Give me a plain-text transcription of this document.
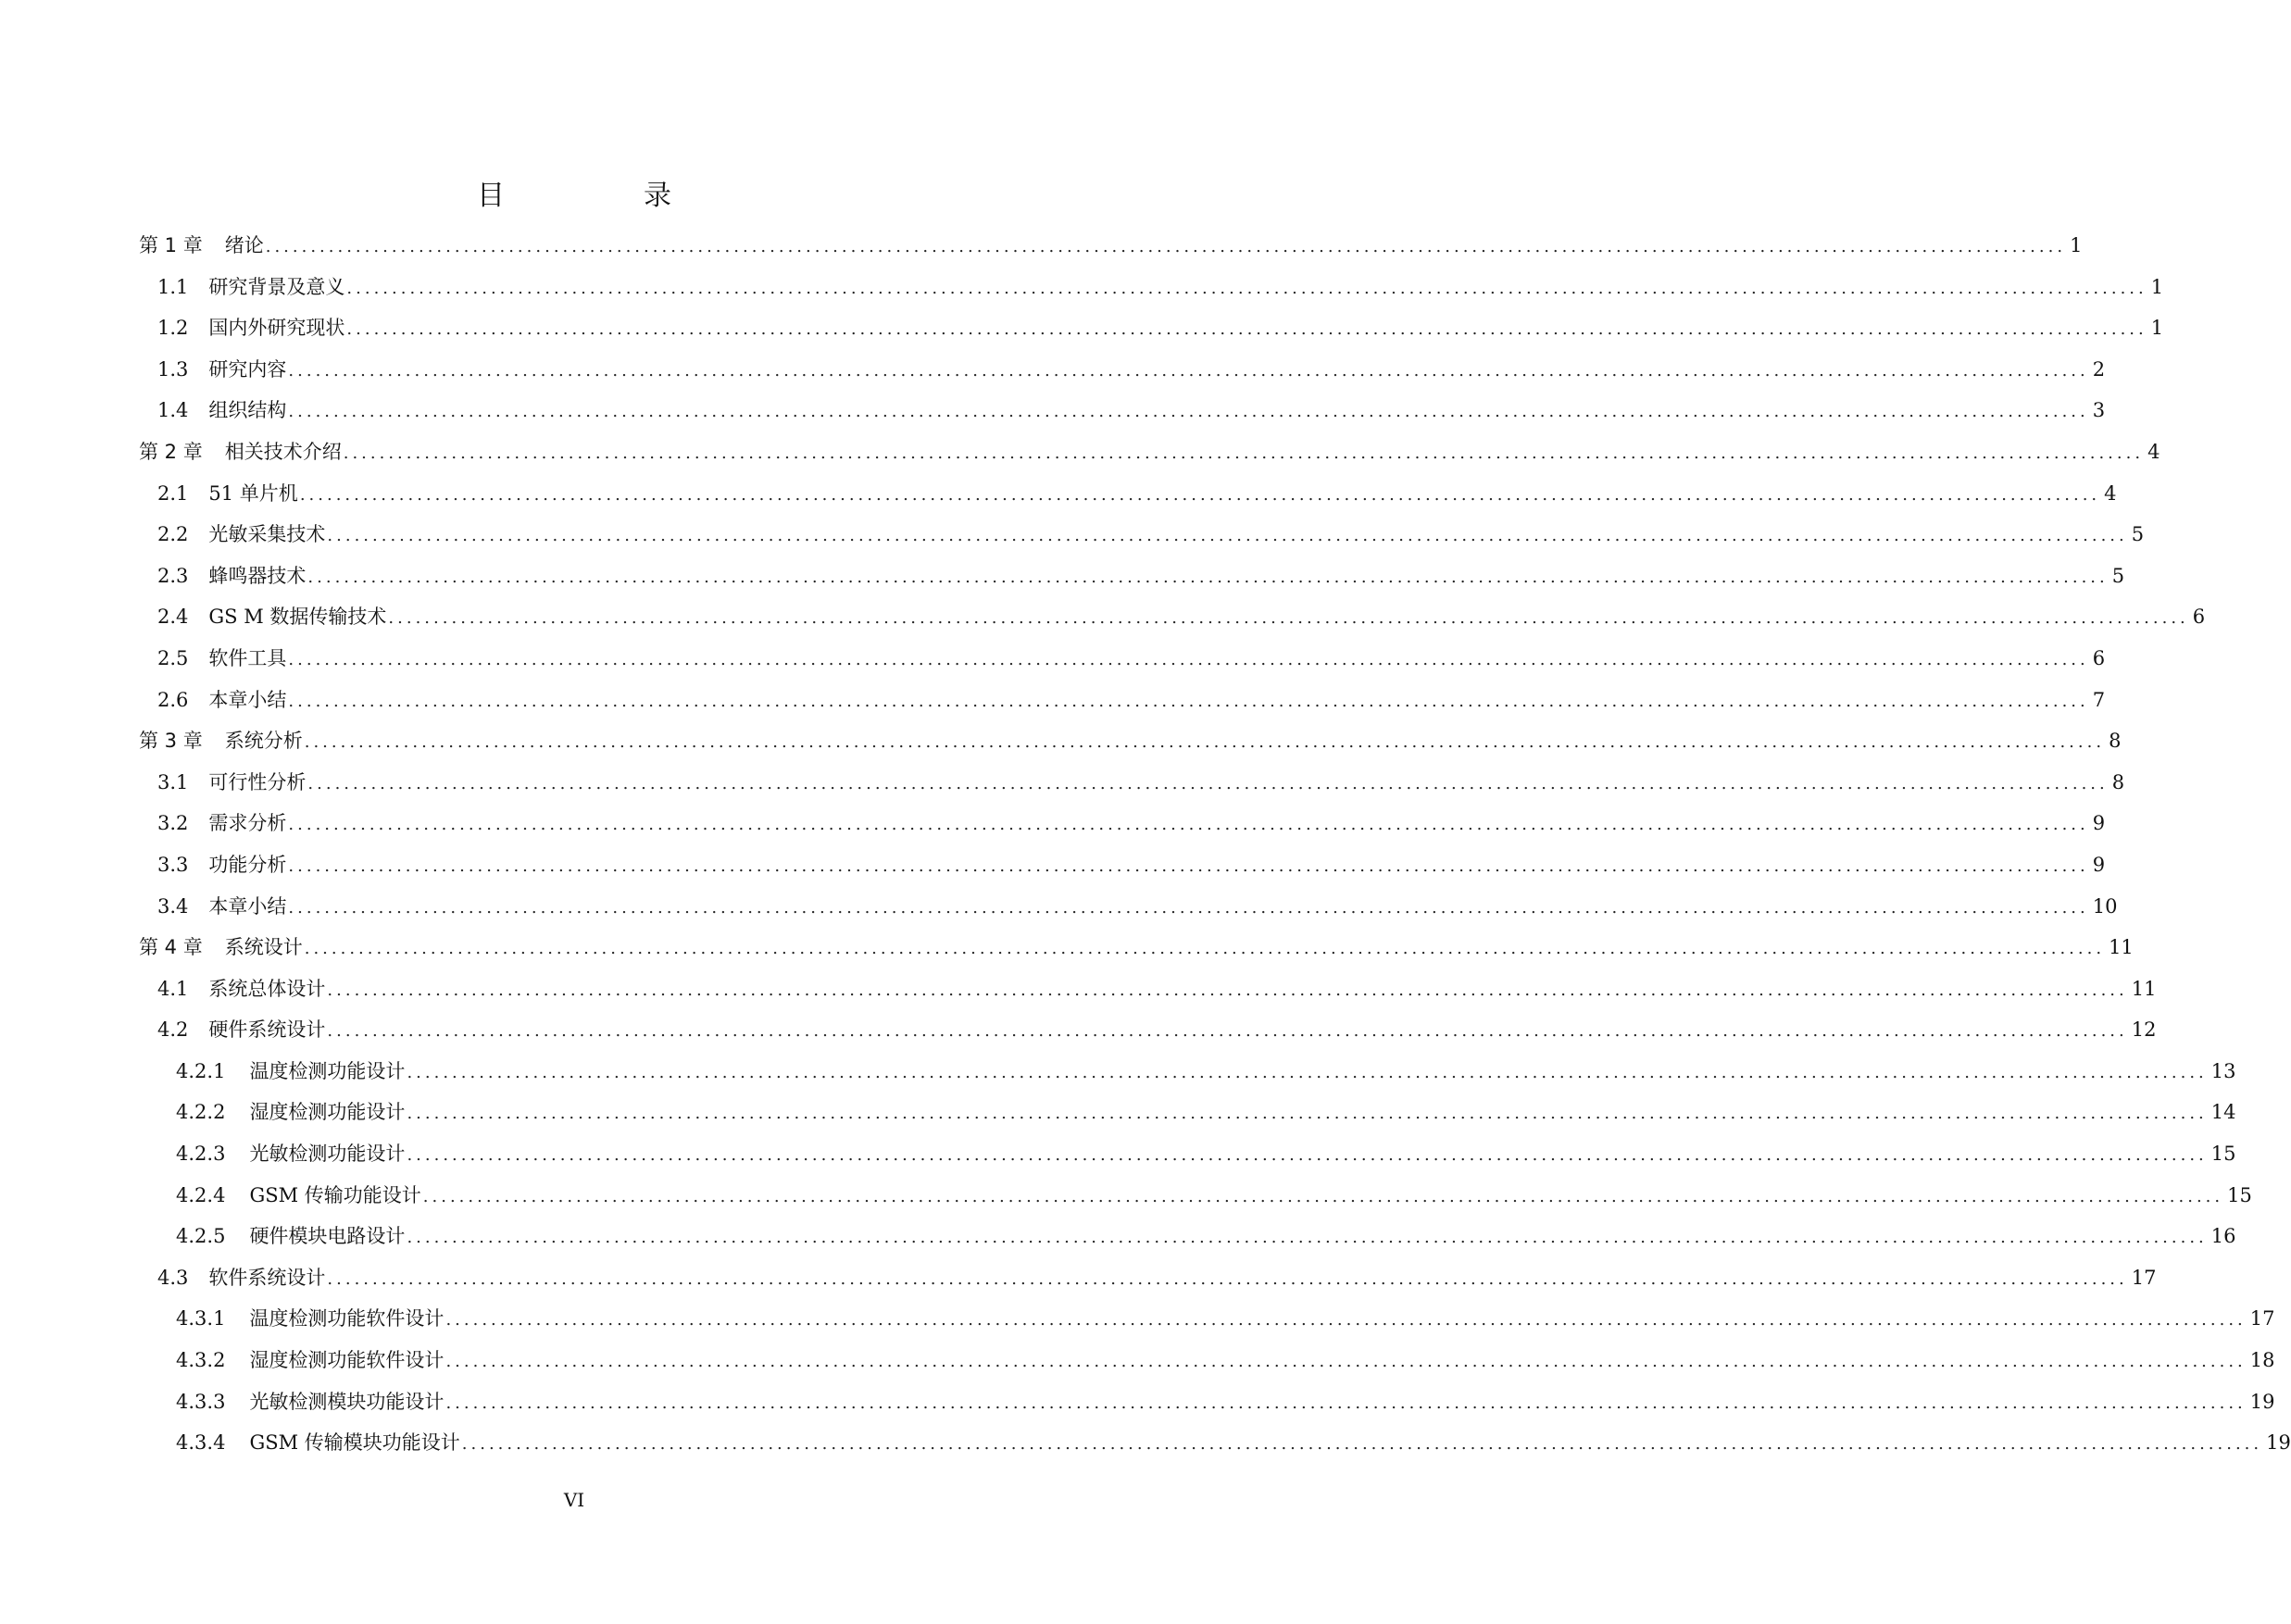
目　录
第 1 章 绪论 ........................................................................................................................................................................................................ 1
1.1 研究背景及意义 ........................................................................................................................................................................................................ 1
1.2 国内外研究现状 ........................................................................................................................................................................................................ 1
1.3 研究内容 ........................................................................................................................................................................................................ 2
1.4 组织结构 ........................................................................................................................................................................................................ 3
第 2 章 相关技术介绍 ........................................................................................................................................................................................................ 4
2.1 51 单片机 ........................................................................................................................................................................................................ 4
2.2 光敏采集技术 ........................................................................................................................................................................................................ 5
2.3 蜂鸣器技术 ........................................................................................................................................................................................................ 5
2.4 GS M 数据传输技术 ........................................................................................................................................................................................................ 6
2.5 软件工具 ........................................................................................................................................................................................................ 6
2.6 本章小结 ........................................................................................................................................................................................................ 7
第 3 章 系统分析 ........................................................................................................................................................................................................ 8
3.1 可行性分析 ........................................................................................................................................................................................................ 8
3.2 需求分析 ........................................................................................................................................................................................................ 9
3.3 功能分析 ........................................................................................................................................................................................................ 9
3.4 本章小结 ........................................................................................................................................................................................................ 10
第 4 章 系统设计 ........................................................................................................................................................................................................ 11
4.1 系统总体设计 ........................................................................................................................................................................................................ 11
4.2 硬件系统设计 ........................................................................................................................................................................................................ 12
4.2.1 温度检测功能设计 ........................................................................................................................................................................................................ 13
4.2.2 湿度检测功能设计 ........................................................................................................................................................................................................ 14
4.2.3 光敏检测功能设计 ........................................................................................................................................................................................................ 15
4.2.4 GSM 传输功能设计 ........................................................................................................................................................................................................ 15
4.2.5 硬件模块电路设计 ........................................................................................................................................................................................................ 16
4.3 软件系统设计 ........................................................................................................................................................................................................ 17
4.3.1 温度检测功能软件设计 ........................................................................................................................................................................................................ 17
4.3.2 湿度检测功能软件设计 ........................................................................................................................................................................................................ 18
4.3.3 光敏检测模块功能设计 ........................................................................................................................................................................................................ 19
4.3.4 GSM 传输模块功能设计 ........................................................................................................................................................................................................ 19
VI
